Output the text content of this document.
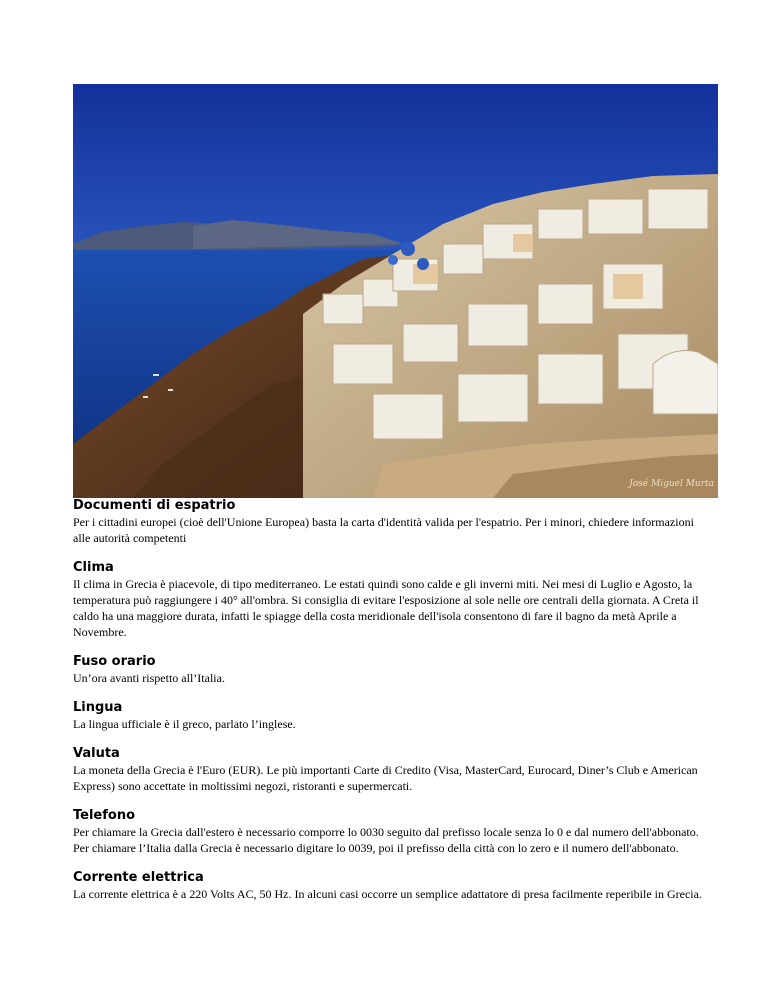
José Miguel Murta
Documenti di espatrio

Per i cittadini europei (cioè dell'Unione Europea) basta la carta d'identità valida per l'espatrio. Per i minori, chiedere informazioni alle autorità competenti

Clima

Il clima in Grecia è piacevole, di tipo mediterraneo. Le estati quindi sono calde e gli inverni miti. Nei mesi di Luglio e Agosto, la temperatura può raggiungere i 40° all'ombra. Si consiglia di evitare l'esposizione al sole nelle ore centrali della giornata. A Creta il caldo ha una maggiore durata, infatti le spiagge della costa meridionale dell'isola consentono di fare il bagno da metà Aprile a Novembre.

Fuso orario

Un’ora avanti rispetto all’Italia.

Lingua

La lingua ufficiale è il greco, parlato l’inglese.

Valuta

La moneta della Grecia è l'Euro (EUR). Le più importanti Carte di Credito (Visa, MasterCard, Eurocard, Diner’s Club e American Express) sono accettate in moltissimi negozi, ristoranti e supermercati.

Telefono

Per chiamare la Grecia dall'estero è necessario comporre lo 0030 seguito dal prefisso locale senza lo 0 e dal numero dell'abbonato. Per chiamare l’Italia dalla Grecia è necessario digitare lo 0039, poi il prefisso della città con lo zero e il numero dell'abbonato.

Corrente elettrica

La corrente elettrica è a 220 Volts AC, 50 Hz. In alcuni casi occorre un semplice adattatore di presa facilmente reperibile in Grecia.
